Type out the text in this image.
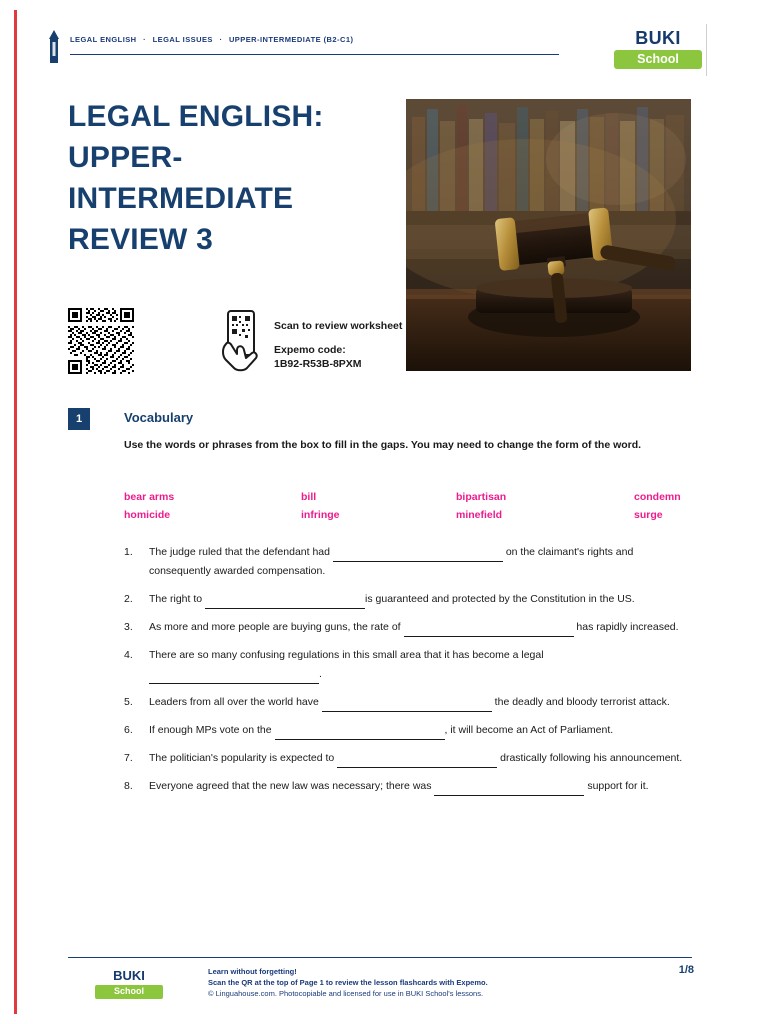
LEGAL ENGLISH · LEGAL ISSUES · UPPER-INTERMEDIATE (B2-C1)	BUKI
School
LEGAL ENGLISH: UPPER-INTERMEDIATE REVIEW 3
Scan to review worksheet
Expemo code:
1B92-R53B-8PXM
1	Vocabulary
Use the words or phrases from the box to fill in the gaps. You may need to change the form of the word.
bear arms	bill	bipartisan	condemn
homicide	infringe	minefield	surge
1.	The judge ruled that the defendant had	on the claimant's rights and consequently awarded compensation.
2.	The right to	is guaranteed and protected by the Constitution in the US.
3.	As more and more people are buying guns, the rate of	has rapidly increased.
4.	There are so many confusing regulations in this small area that it has become a legal .
5.	Leaders from all over the world have	the deadly and bloody terrorist attack.
6.	If enough MPs vote on the	, it will become an Act of Parliament.
7.	The politician's popularity is expected to	drastically following his announcement.
8.	Everyone agreed that the new law was necessary; there was	support for it.
BUKI
School
Learn without forgetting!
Scan the QR at the top of Page 1 to review the lesson flashcards with Expemo.
© Linguahouse.com. Photocopiable and licensed for use in BUKI School's lessons.
1/8
